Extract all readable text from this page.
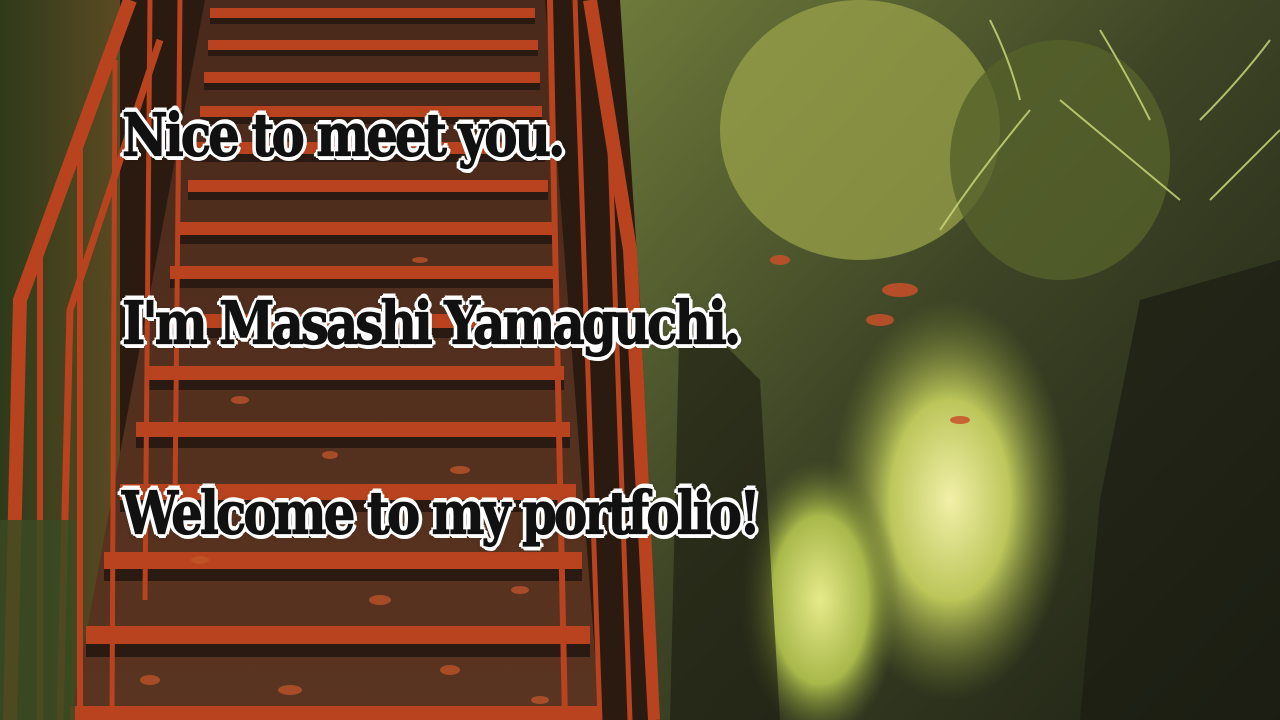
Nice to meet you.

I'm Masashi Yamaguchi.

Welcome to my portfolio!
